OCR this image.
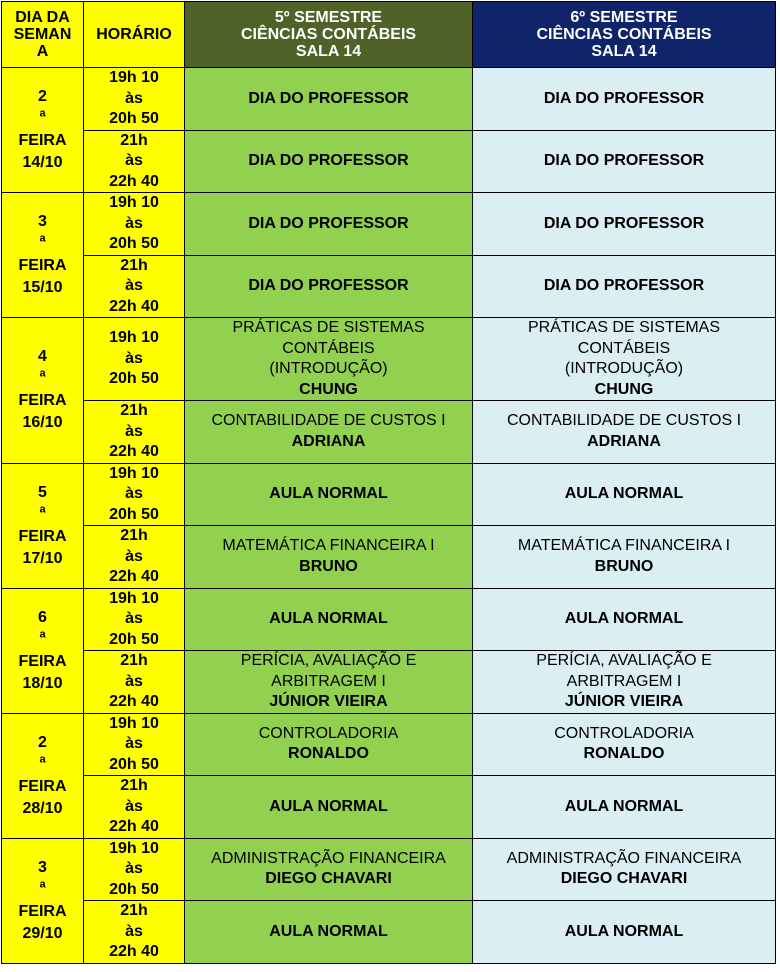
DIA DA
SEMAN
A	HORÁRIO	5º SEMESTRE
CIÊNCIAS CONTÁBEIS
SALA 14	6º SEMESTRE
CIÊNCIAS CONTÁBEIS
SALA 14

2
$^a$
FEIRA
14/10	19h 10
às
20h 50	DIA DO PROFESSOR	DIA DO PROFESSOR

	21h
às
22h 40	DIA DO PROFESSOR	DIA DO PROFESSOR

3
$^a$
FEIRA
15/10	19h 10
às
20h 50	DIA DO PROFESSOR	DIA DO PROFESSOR

	21h
às
22h 40	DIA DO PROFESSOR	DIA DO PROFESSOR

4
$^a$
FEIRA
16/10	19h 10
às
20h 50	PRÁTICAS DE SISTEMAS
CONTÁBEIS
(INTRODUÇÃO)
CHUNG	PRÁTICAS DE SISTEMAS
CONTÁBEIS
(INTRODUÇÃO)
CHUNG

	21h
às
22h 40	CONTABILIDADE DE CUSTOS I
ADRIANA	CONTABILIDADE DE CUSTOS I
ADRIANA

5
$^a$
FEIRA
17/10	19h 10
às
20h 50	AULA NORMAL	AULA NORMAL

	21h
às
22h 40	MATEMÁTICA FINANCEIRA I
BRUNO	MATEMÁTICA FINANCEIRA I
BRUNO

6
$^a$
FEIRA
18/10	19h 10
às
20h 50	AULA NORMAL	AULA NORMAL

	21h
às
22h 40	PERÍCIA, AVALIAÇÃO E
ARBITRAGEM I
JÚNIOR VIEIRA	PERÍCIA, AVALIAÇÃO E
ARBITRAGEM I
JÚNIOR VIEIRA

2
$^a$
FEIRA
28/10	19h 10
às
20h 50	CONTROLADORIA
RONALDO	CONTROLADORIA
RONALDO

	21h
às
22h 40	AULA NORMAL	AULA NORMAL

3
$^a$
FEIRA
29/10	19h 10
às
20h 50	ADMINISTRAÇÃO FINANCEIRA
DIEGO CHAVARI	ADMINISTRAÇÃO FINANCEIRA
DIEGO CHAVARI

	21h
às
22h 40	AULA NORMAL	AULA NORMAL
